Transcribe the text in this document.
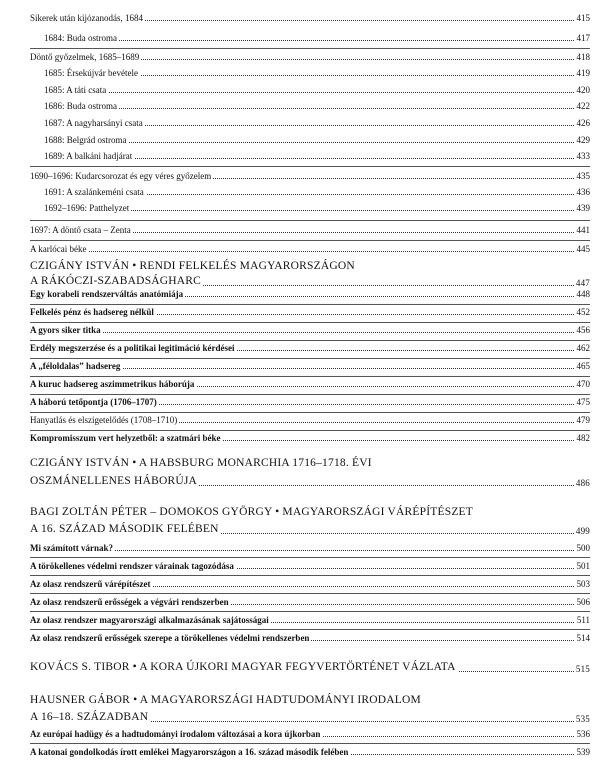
Sikerek után kijózanodás, 1684	415
1684: Buda ostroma	417
Döntő győzelmek, 1685–1689	418
1685: Érsekújvár bevétele	419
1685: A táti csata	420
1686: Buda ostroma	422
1687: A nagyharsányi csata	426
1688: Belgrád ostroma	429
1689: A balkáni hadjárat	433
1690–1696: Kudarcsorozat és egy véres győzelem	435
1691: A szalánkeméni csata	436
1692–1696: Patthelyzet	439
1697: A döntő csata – Zenta	441
A karlócai béke	445
CZIGÁNY ISTVÁN • RENDI FELKELÉS MAGYARORSZÁGON
A RÁKÓCZI-SZABADSÁGHARC	447
Egy korabeli rendszerváltás anatómiája	448
Felkelés pénz és hadsereg nélkül	452
A gyors siker titka	456
Erdély megszerzése és a politikai legitimáció kérdései	462
A „féloldalas” hadsereg	465
A kuruc hadsereg aszimmetrikus háborúja	470
A háború tetőpontja (1706–1707)	475
Hanyatlás és elszigetelődés (1708–1710)	479
Kompromisszum vert helyzetből: a szatmári béke	482
CZIGÁNY ISTVÁN • A HABSBURG MONARCHIA 1716–1718. ÉVI
OSZMÁNELLENES HÁBORÚJA	486
BAGI ZOLTÁN PÉTER – DOMOKOS GYÖRGY • MAGYARORSZÁGI VÁRÉPÍTÉSZET
A 16. SZÁZAD MÁSODIK FELÉBEN	499
Mi számított várnak?	500
A törökellenes védelmi rendszer várainak tagozódása	501
Az olasz rendszerű várépítészet	503
Az olasz rendszerű erősségek a végvári rendszerben	506
Az olasz rendszer magyarországi alkalmazásának sajátosságai	511
Az olasz rendszerű erősségek szerepe a törökellenes védelmi rendszerben	514
KOVÁCS S. TIBOR • A KORA ÚJKORI MAGYAR FEGYVERTÖRTÉNET VÁZLATA	515
HAUSNER GÁBOR • A MAGYARORSZÁGI HADTUDOMÁNYI IRODALOM
A 16–18. SZÁZADBAN	535
Az európai hadügy és a hadtudományi irodalom változásai a kora újkorban	536
A katonai gondolkodás írott emlékei Magyarországon a 16. század második felében	539
